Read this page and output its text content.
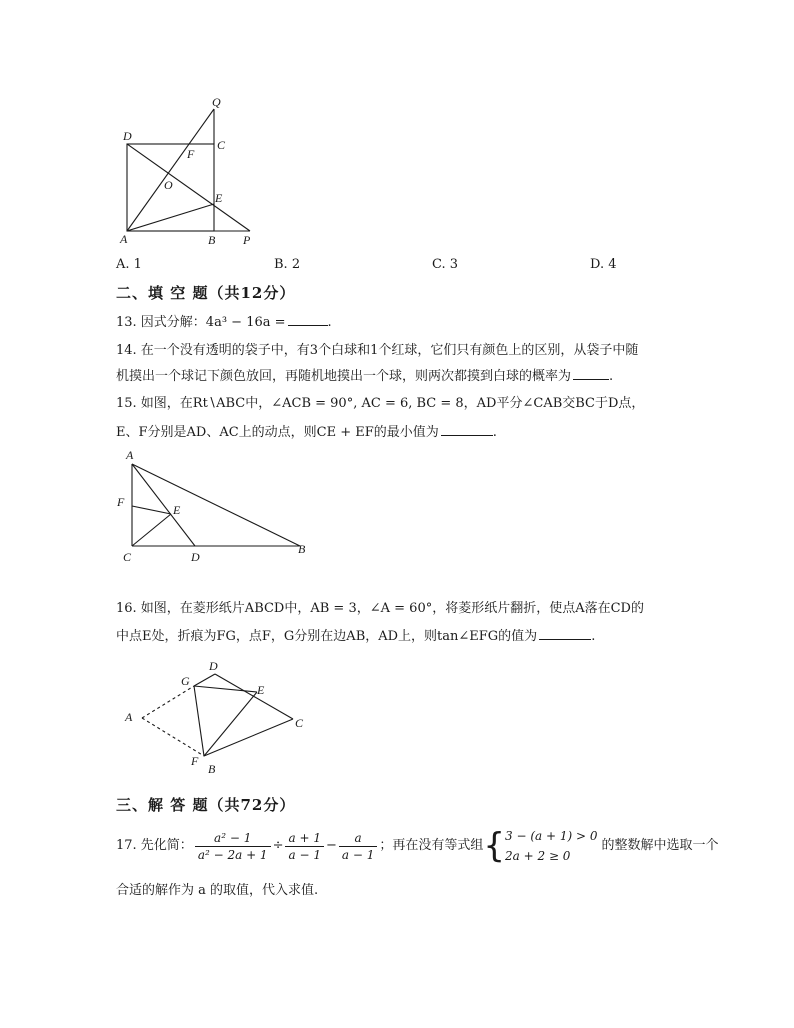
Q
D
C
F
O
E
A	B P
A. 1	B. 2	C. 3	D. 4
二、填 空 题（共12分）
13. 因式分解：4a³ − 16a =	.
14. 在一个没有透明的袋子中，有3个白球和1个红球，它们只有颜色上的区别，从袋子中随
机摸出一个球记下颜色放回，再随机地摸出一个球，则两次都摸到白球的概率为	.
15. 如图，在Rt∖ABC中，∠ACB = 90°, AC = 6, BC = 8，AD平分∠CAB交BC于D点，
E、F分别是AD、AC上的动点，则CE + EF的最小值为	.
A
F
E
C	D
B
16. 如图，在菱形纸片ABCD中，AB = 3，∠A = 60°，将菱形纸片翻折，使点A落在CD的
中点E处，折痕为FG，点F，G分别在边AB，AD上，则tan∠EFG的值为	.
D
G
E
A	C
F
B
三、解 答 题（共72分）
17. 先化简： $\frac{\text{a² − 1}}{\text{a² − 2a + 1}} \div \frac{a + 1}{a - 1} - \frac{a}{a - 1}$ ；再在没有等式组 { 3 − (a + 1) > 0
2a + 2 ≥ 0
的整数解中选取一个
合适的解作为 a 的取值，代入求值.
